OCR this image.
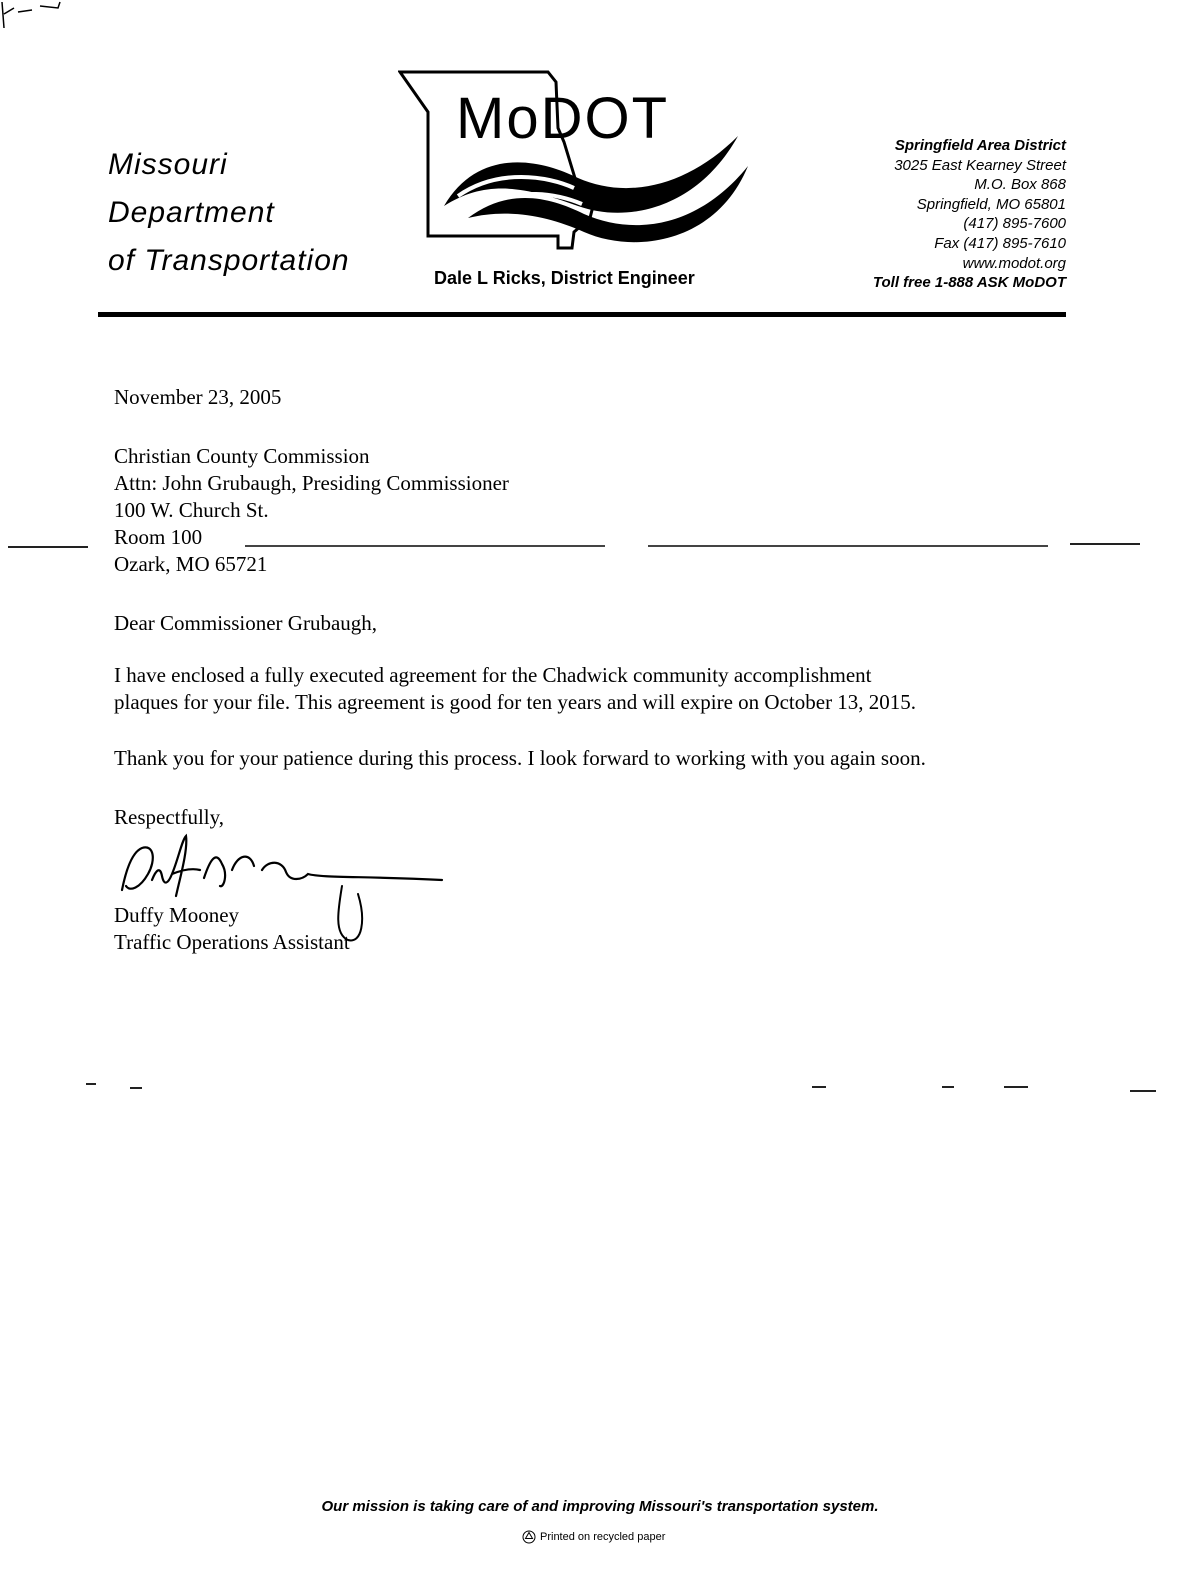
Missouri
Department
of Transportation
MoDOT
Dale L Ricks, District Engineer
Springfield Area District
3025 East Kearney Street
M.O. Box 868
Springfield, MO 65801
(417) 895-7600
Fax (417) 895-7610
www.modot.org
Toll free 1-888 ASK MoDOT
November 23, 2005
Christian County Commission
Attn: John Grubaugh, Presiding Commissioner
100 W. Church St.
Room 100
Ozark, MO 65721
Dear Commissioner Grubaugh,
I have enclosed a fully executed agreement for the Chadwick community accomplishment
plaques for your file. This agreement is good for ten years and will expire on October 13, 2015.
Thank you for your patience during this process. I look forward to working with you again soon.
Respectfully,
Duffy Mooney
Traffic Operations Assistant
Our mission is taking care of and improving Missouri's transportation system.
Printed on recycled paper
